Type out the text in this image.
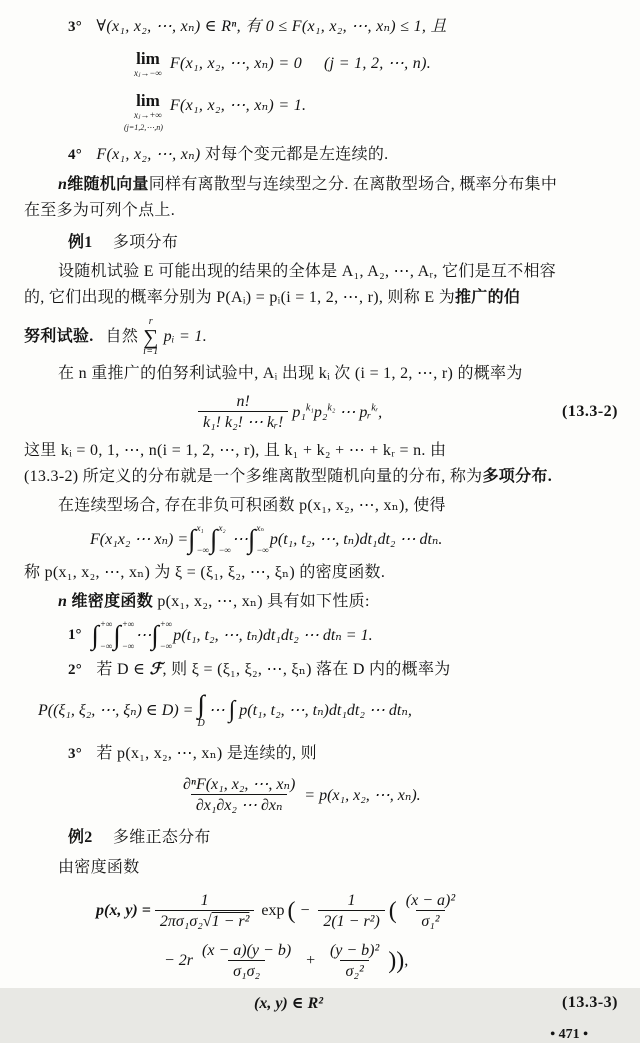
3° ∀(x₁, x₂, ⋯, xₙ) ∈ Rⁿ, 有 0 ≤ F(x₁, x₂, ⋯, xₙ) ≤ 1, 且
lim
xⱼ→−∞
F(x₁, x₂, ⋯, xₙ) = 0 (j = 1, 2, ⋯, n).
lim
xⱼ→+∞
F(x₁, x₂, ⋯, xₙ) = 1.
(j=1,2,⋯,n)
4° F(x₁, x₂, ⋯, xₙ) 对每个变元都是左连续的.
n维随机向量同样有离散型与连续型之分. 在离散型场合, 概率分布集中
在至多为可列个点上.
例1 多项分布
设随机试验 E 可能出现的结果的全体是 A₁, A₂, ⋯, Aᵣ, 它们是互不相容
的, 它们出现的概率分别为 P(Aᵢ) = pᵢ(i = 1, 2, ⋯, r), 则称 E 为推广的伯
努利试验. 自然
r
∑
i=1
pᵢ = 1.
在 n 重推广的伯努利试验中, Aᵢ 出现 kᵢ 次 (i = 1, 2, ⋯, r) 的概率为
$\frac{n!}{\text{k₁! k₂! ⋯ kᵣ!}} p_1^{k_1}p_2^{k_2}$ ⋯ pᵣ$^{kᵣ}$,	(13.3-2)
这里 kᵢ = 0, 1, ⋯, n(i = 1, 2, ⋯, r), 且 k₁ + k₂ + ⋯ + kᵣ = n. 由
(13.3-2) 所定义的分布就是一个多维离散型随机向量的分布, 称为多项分布.
在连续型场合, 存在非负可积函数 p(x₁, x₂, ⋯, xₙ), 使得
F(x₁x₂ ⋯ xₙ) = ∫ x₁
−∞ ∫ x₂
−∞
⋯ ∫ xₙ
−∞
p(t₁, t₂, ⋯, tₙ)dt₁dt₂ ⋯ dtₙ.
称 p(x₁, x₂, ⋯, xₙ) 为 ξ = (ξ₁, ξ₂, ⋯, ξₙ) 的密度函数.
n 维密度函数 p(x₁, x₂, ⋯, xₙ) 具有如下性质:
1° ∫ +∞
−∞ ∫ +∞
−∞
⋯ ∫ +∞
−∞
p(t₁, t₂, ⋯, tₙ)dt₁dt₂ ⋯ dtₙ = 1.
2° 若 D ∈ ℱ, 则 ξ = (ξ₁, ξ₂, ⋯, ξₙ) 落在 D 内的概率为
P((ξ₁, ξ₂, ⋯, ξₙ) ∈ D) = ∫∫
D
⋯ ∫ p(t₁, t₂, ⋯, tₙ)dt₁dt₂ ⋯ dtₙ,
3° 若 p(x₁, x₂, ⋯, xₙ) 是连续的, 则
$\frac{\text{∂ⁿF(x₁, x₂, ⋯, xₙ)}}{\text{∂x₁∂x₂ ⋯ ∂xₙ}} = p(x_1$, x₂, ⋯, xₙ).
例2 多维正态分布
由密度函数
p(x, $y) = \frac{1}{\text{2πσ₁σ₂√1 − r²}}$ exp ( − $\frac{1}{\text{2(1 − r²)}}$ ( $\frac{\text{(x − a)²}}{\text{σ₁²}}$
− $2r \frac{(x - a)(y - b)}{\text{σ₁σ₂}} + \frac{\text{(y − b)²}}{\text{σ₂²}}$ )) ,
(x, y) ∈ R²	(13.3-3)
• 471 •
